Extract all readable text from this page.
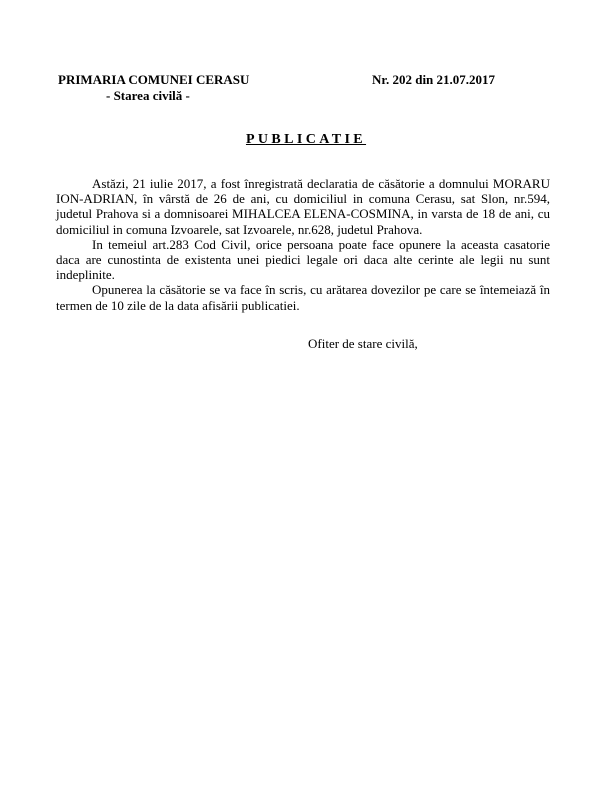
PRIMARIA COMUNEI CERASU
- Starea civilă -
Nr. 202 din 21.07.2017
PUBLICATIE

Astăzi, 21 iulie 2017, a fost înregistrată declaratia de căsătorie a domnului MORARU ION-ADRIAN, în vârstă de 26 de ani, cu domiciliul in comuna Cerasu, sat Slon, nr.594, judetul Prahova si a domnisoarei MIHALCEA ELENA-COSMINA, in varsta de 18 de ani, cu domiciliul in comuna Izvoarele, sat Izvoarele, nr.628, judetul Prahova.

In temeiul art.283 Cod Civil, orice persoana poate face opunere la aceasta casatorie daca are cunostinta de existenta unei piedici legale ori daca alte cerinte ale legii nu sunt indeplinite.

Opunerea la căsătorie se va face în scris, cu arătarea dovezilor pe care se întemeiază în termen de 10 zile de la data afisării publicatiei.

Ofiter de stare civilă,
